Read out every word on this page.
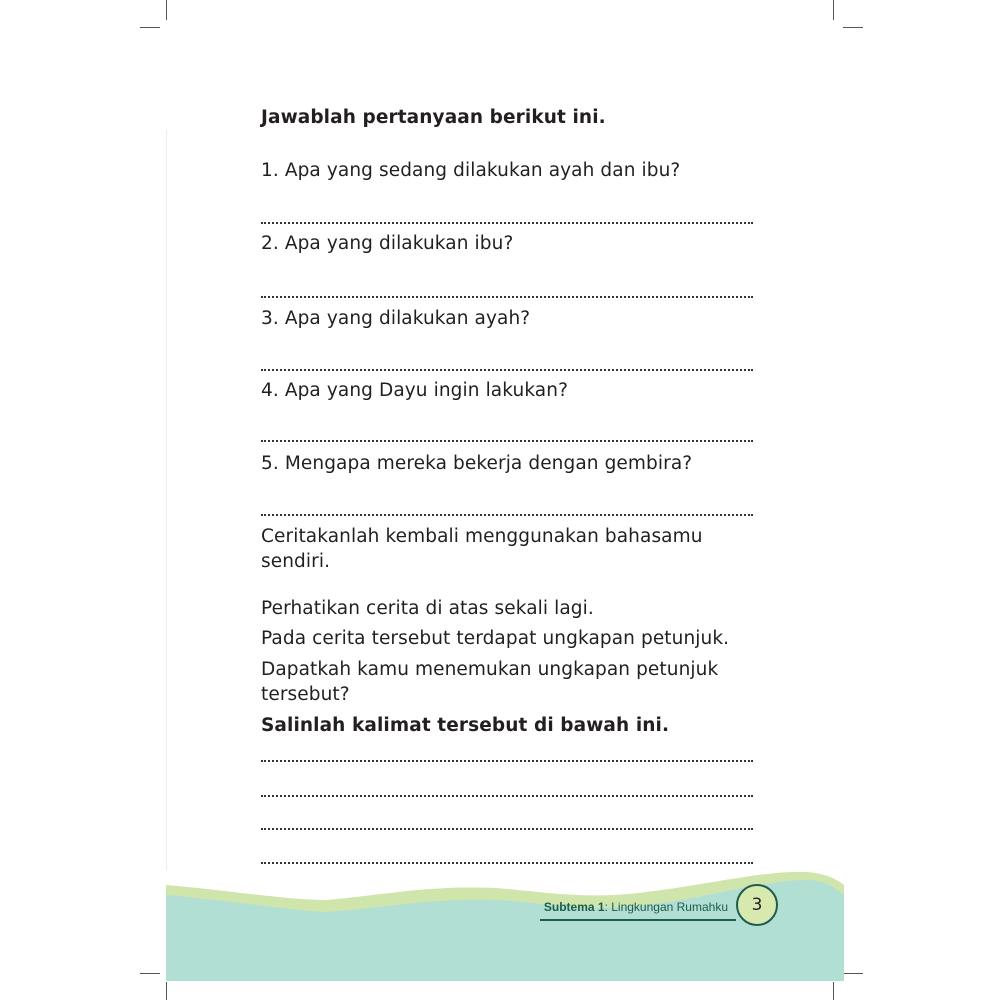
Jawablah pertanyaan berikut ini.
1. Apa yang sedang dilakukan ayah dan ibu?
2. Apa yang dilakukan ibu?
3. Apa yang dilakukan ayah?
4. Apa yang Dayu ingin lakukan?
5. Mengapa mereka bekerja dengan gembira?
Ceritakanlah kembali menggunakan bahasamu
sendiri.
Perhatikan cerita di atas sekali lagi.
Pada cerita tersebut terdapat ungkapan petunjuk.
Dapatkah kamu menemukan ungkapan petunjuk
tersebut?
Salinlah kalimat tersebut di bawah ini.
Subtema 1: Lingkungan Rumahku	3
